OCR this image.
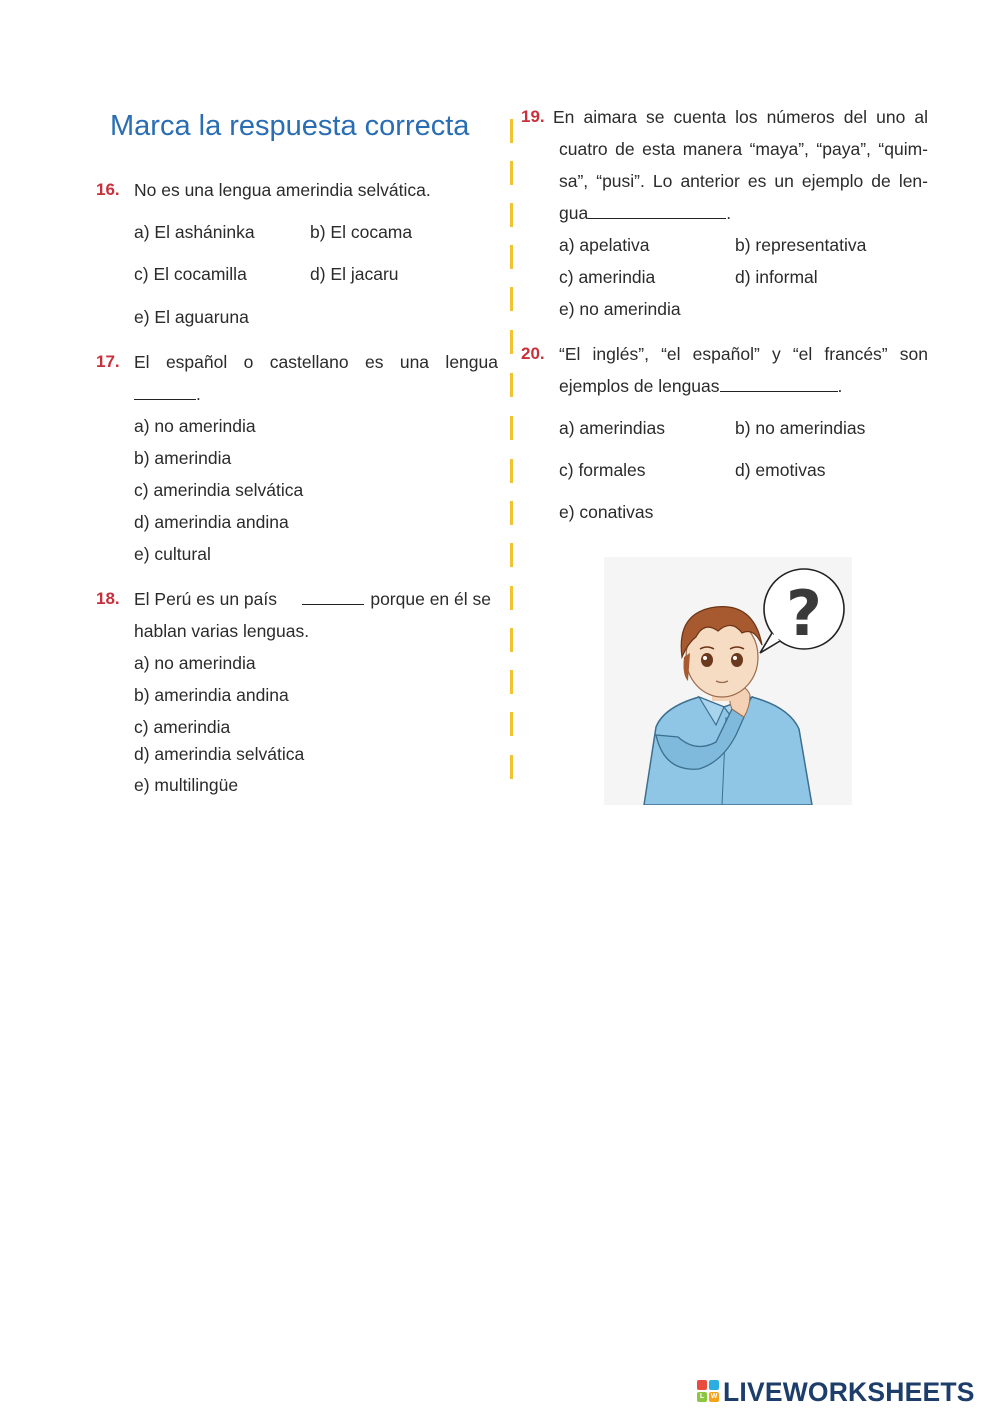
Marca la respuesta correcta
16. No es una lengua amerindia selvática.
a) El asháninka	b) El cocama
c) El cocamilla	d) El jacaru
e) El aguaruna
17. El español o castellano es una lengua
.
a) no amerindia
b) amerindia
c) amerindia selvática
d) amerindia andina
e) cultural
18. El Perú es un país	porque en él se
hablan varias lenguas.
a) no amerindia
b) amerindia andina
c) amerindia
d) amerindia selvática
e) multilingüe
19. En aimara se cuenta los números del uno al
cuatro de esta manera “maya”, “paya”, “quim-
sa”, “pusi”. Lo anterior es un ejemplo de len-
gua	.
a) apelativa	b) representativa
c) amerindia	d) informal
e) no amerindia
20. “El inglés”, “el español” y “el francés” son
ejemplos de lenguas	.
a) amerindias	b) no amerindias
c) formales	d) emotivas
e) conativas
?
L W LIVEWORKSHEETS
